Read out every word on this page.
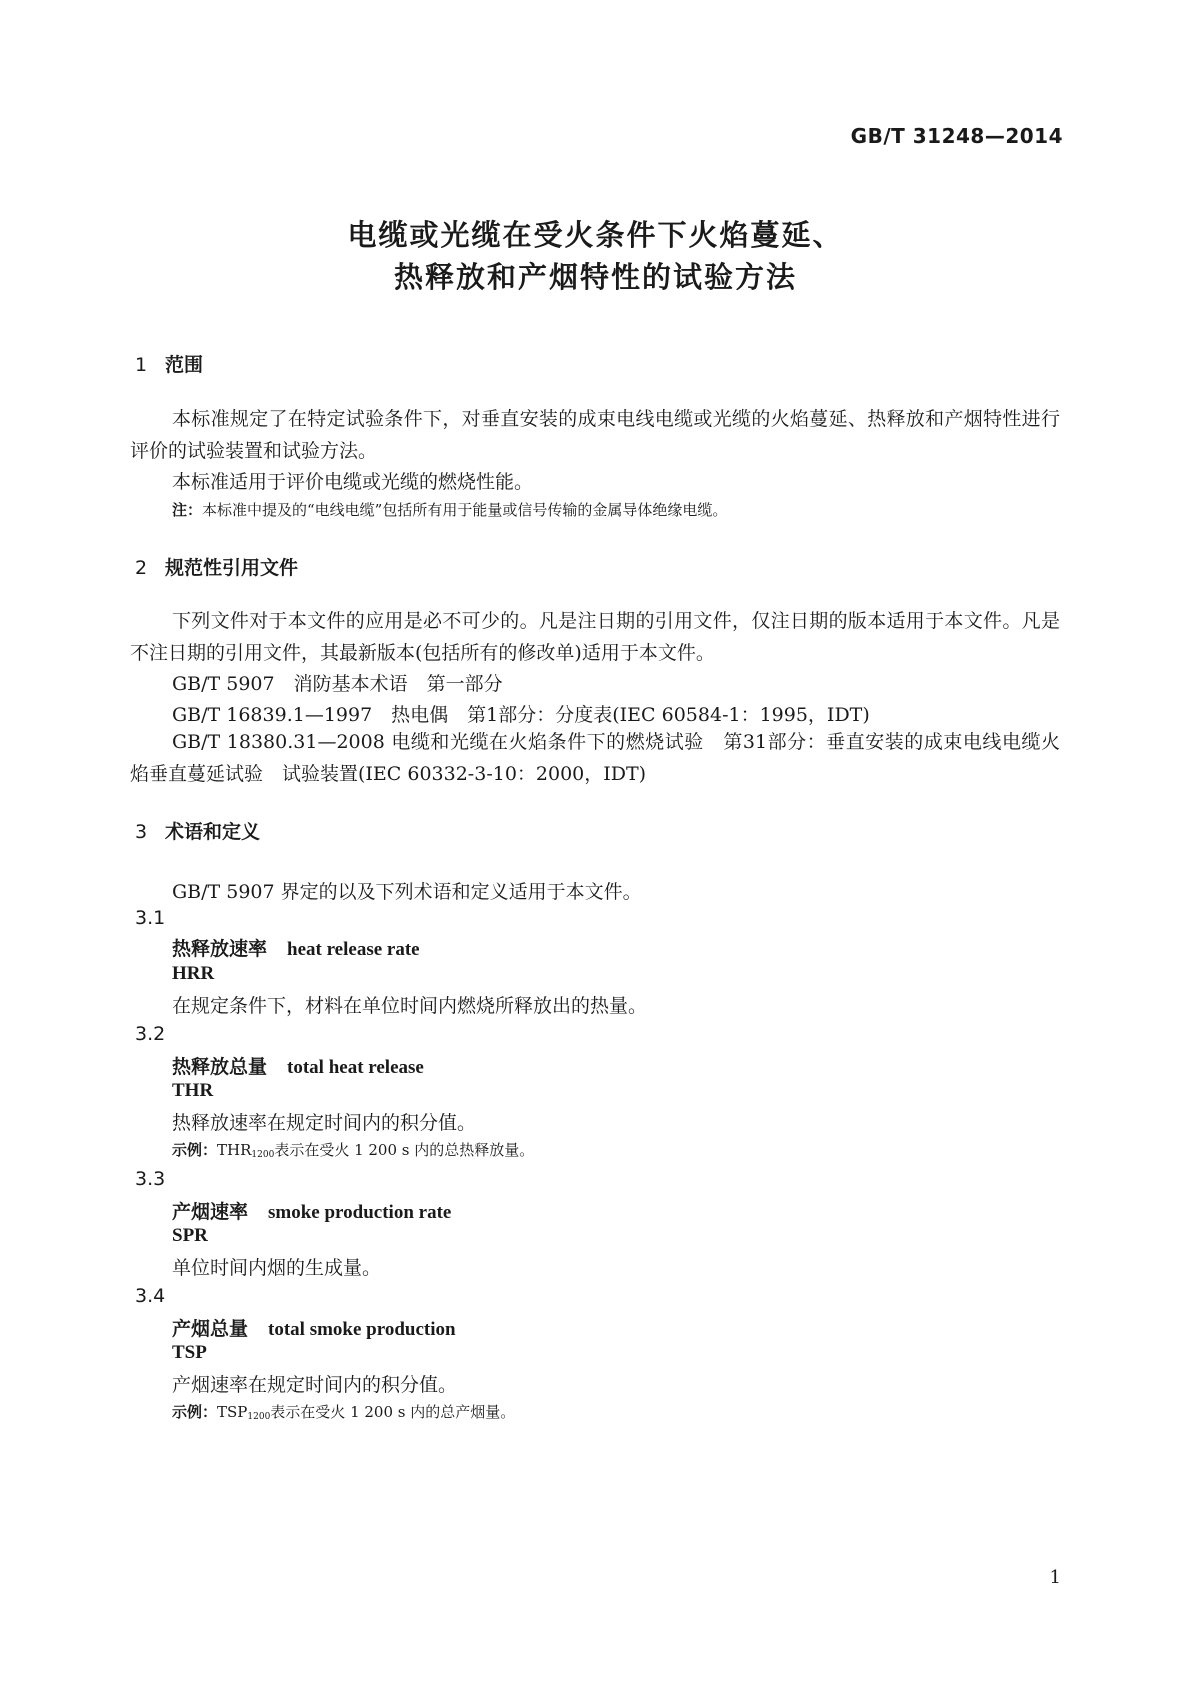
GB/T 31248—2014
电缆或光缆在受火条件下火焰蔓延、
热释放和产烟特性的试验方法
1 范围
本标准规定了在特定试验条件下，对垂直安装的成束电线电缆或光缆的火焰蔓延、热释放和产烟特性进行评价的试验装置和试验方法。
本标准适用于评价电缆或光缆的燃烧性能。
注：本标准中提及的“电线电缆”包括所有用于能量或信号传输的金属导体绝缘电缆。
2 规范性引用文件
下列文件对于本文件的应用是必不可少的。凡是注日期的引用文件，仅注日期的版本适用于本文件。凡是不注日期的引用文件，其最新版本(包括所有的修改单)适用于本文件。
GB/T 5907　消防基本术语　第一部分
GB/T 16839.1—1997　热电偶　第1部分：分度表(IEC 60584-1：1995，IDT)
GB/T 18380.31—2008 电缆和光缆在火焰条件下的燃烧试验　第31部分：垂直安装的成束电线电缆火焰垂直蔓延试验　试验装置(IEC 60332-3-10：2000，IDT)
3 术语和定义
GB/T 5907 界定的以及下列术语和定义适用于本文件。
3.1
热释放速率 heat release rate
HRR
在规定条件下，材料在单位时间内燃烧所释放出的热量。
3.2
热释放总量 total heat release
THR
热释放速率在规定时间内的积分值。
示例：$THR_{1200}$表示在受火 1 200 s 内的总热释放量。
3.3
产烟速率 smoke production rate
SPR
单位时间内烟的生成量。
3.4
产烟总量 total smoke production
TSP
产烟速率在规定时间内的积分值。
示例：$TSP_{1200}$表示在受火 1 200 s 内的总产烟量。
1
